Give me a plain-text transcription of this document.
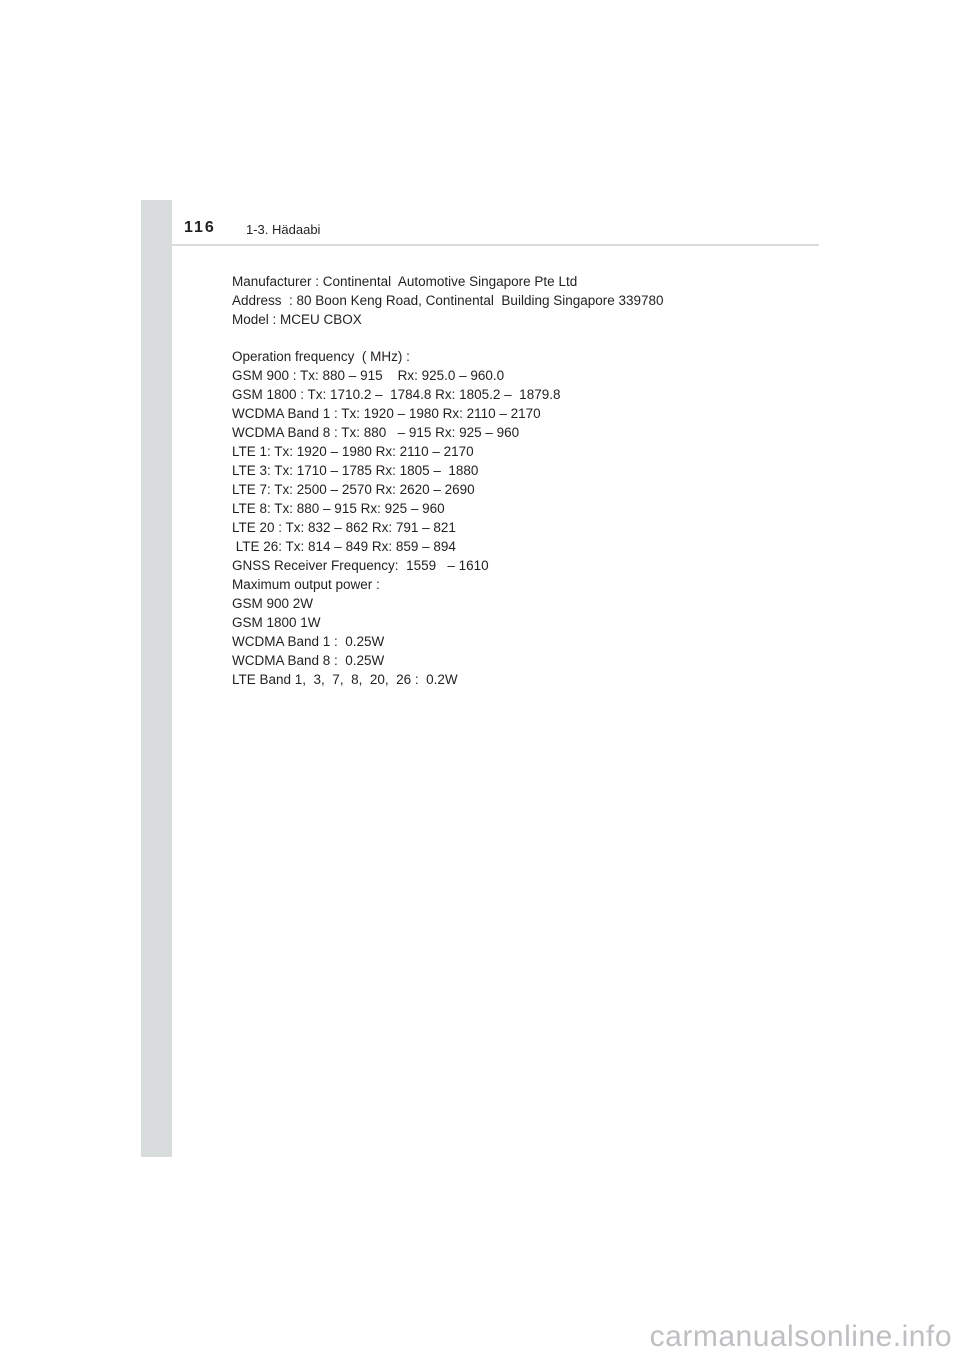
116 1-3. Hädaabi
Manufacturer : Continental  Automotive Singapore Pte Ltd
Address  : 80 Boon Keng Road, Continental  Building Singapore 339780
Model : MCEU CBOX
Operation frequency  ( MHz) :
GSM 900 : Tx: 880 – 915    Rx: 925.0 – 960.0
GSM 1800 : Tx: 1710.2 –  1784.8 Rx: 1805.2 –  1879.8
WCDMA Band 1 : Tx: 1920 – 1980 Rx: 2110 – 2170
WCDMA Band 8 : Tx: 880   – 915 Rx: 925 – 960
LTE 1: Tx: 1920 – 1980 Rx: 2110 – 2170
LTE 3: Tx: 1710 – 1785 Rx: 1805 –  1880
LTE 7: Tx: 2500 – 2570 Rx: 2620 – 2690
LTE 8: Tx: 880 – 915 Rx: 925 – 960
LTE 20 : Tx: 832 – 862 Rx: 791 – 821
LTE 26: Tx: 814 – 849 Rx: 859 – 894
GNSS Receiver Frequency:  1559   – 1610
Maximum output power :
GSM 900 2W
GSM 1800 1W
WCDMA Band 1 :  0.25W
WCDMA Band 8 :  0.25W
LTE Band 1,  3,  7,  8,  20,  26 :  0.2W
carmanualsonline.info
